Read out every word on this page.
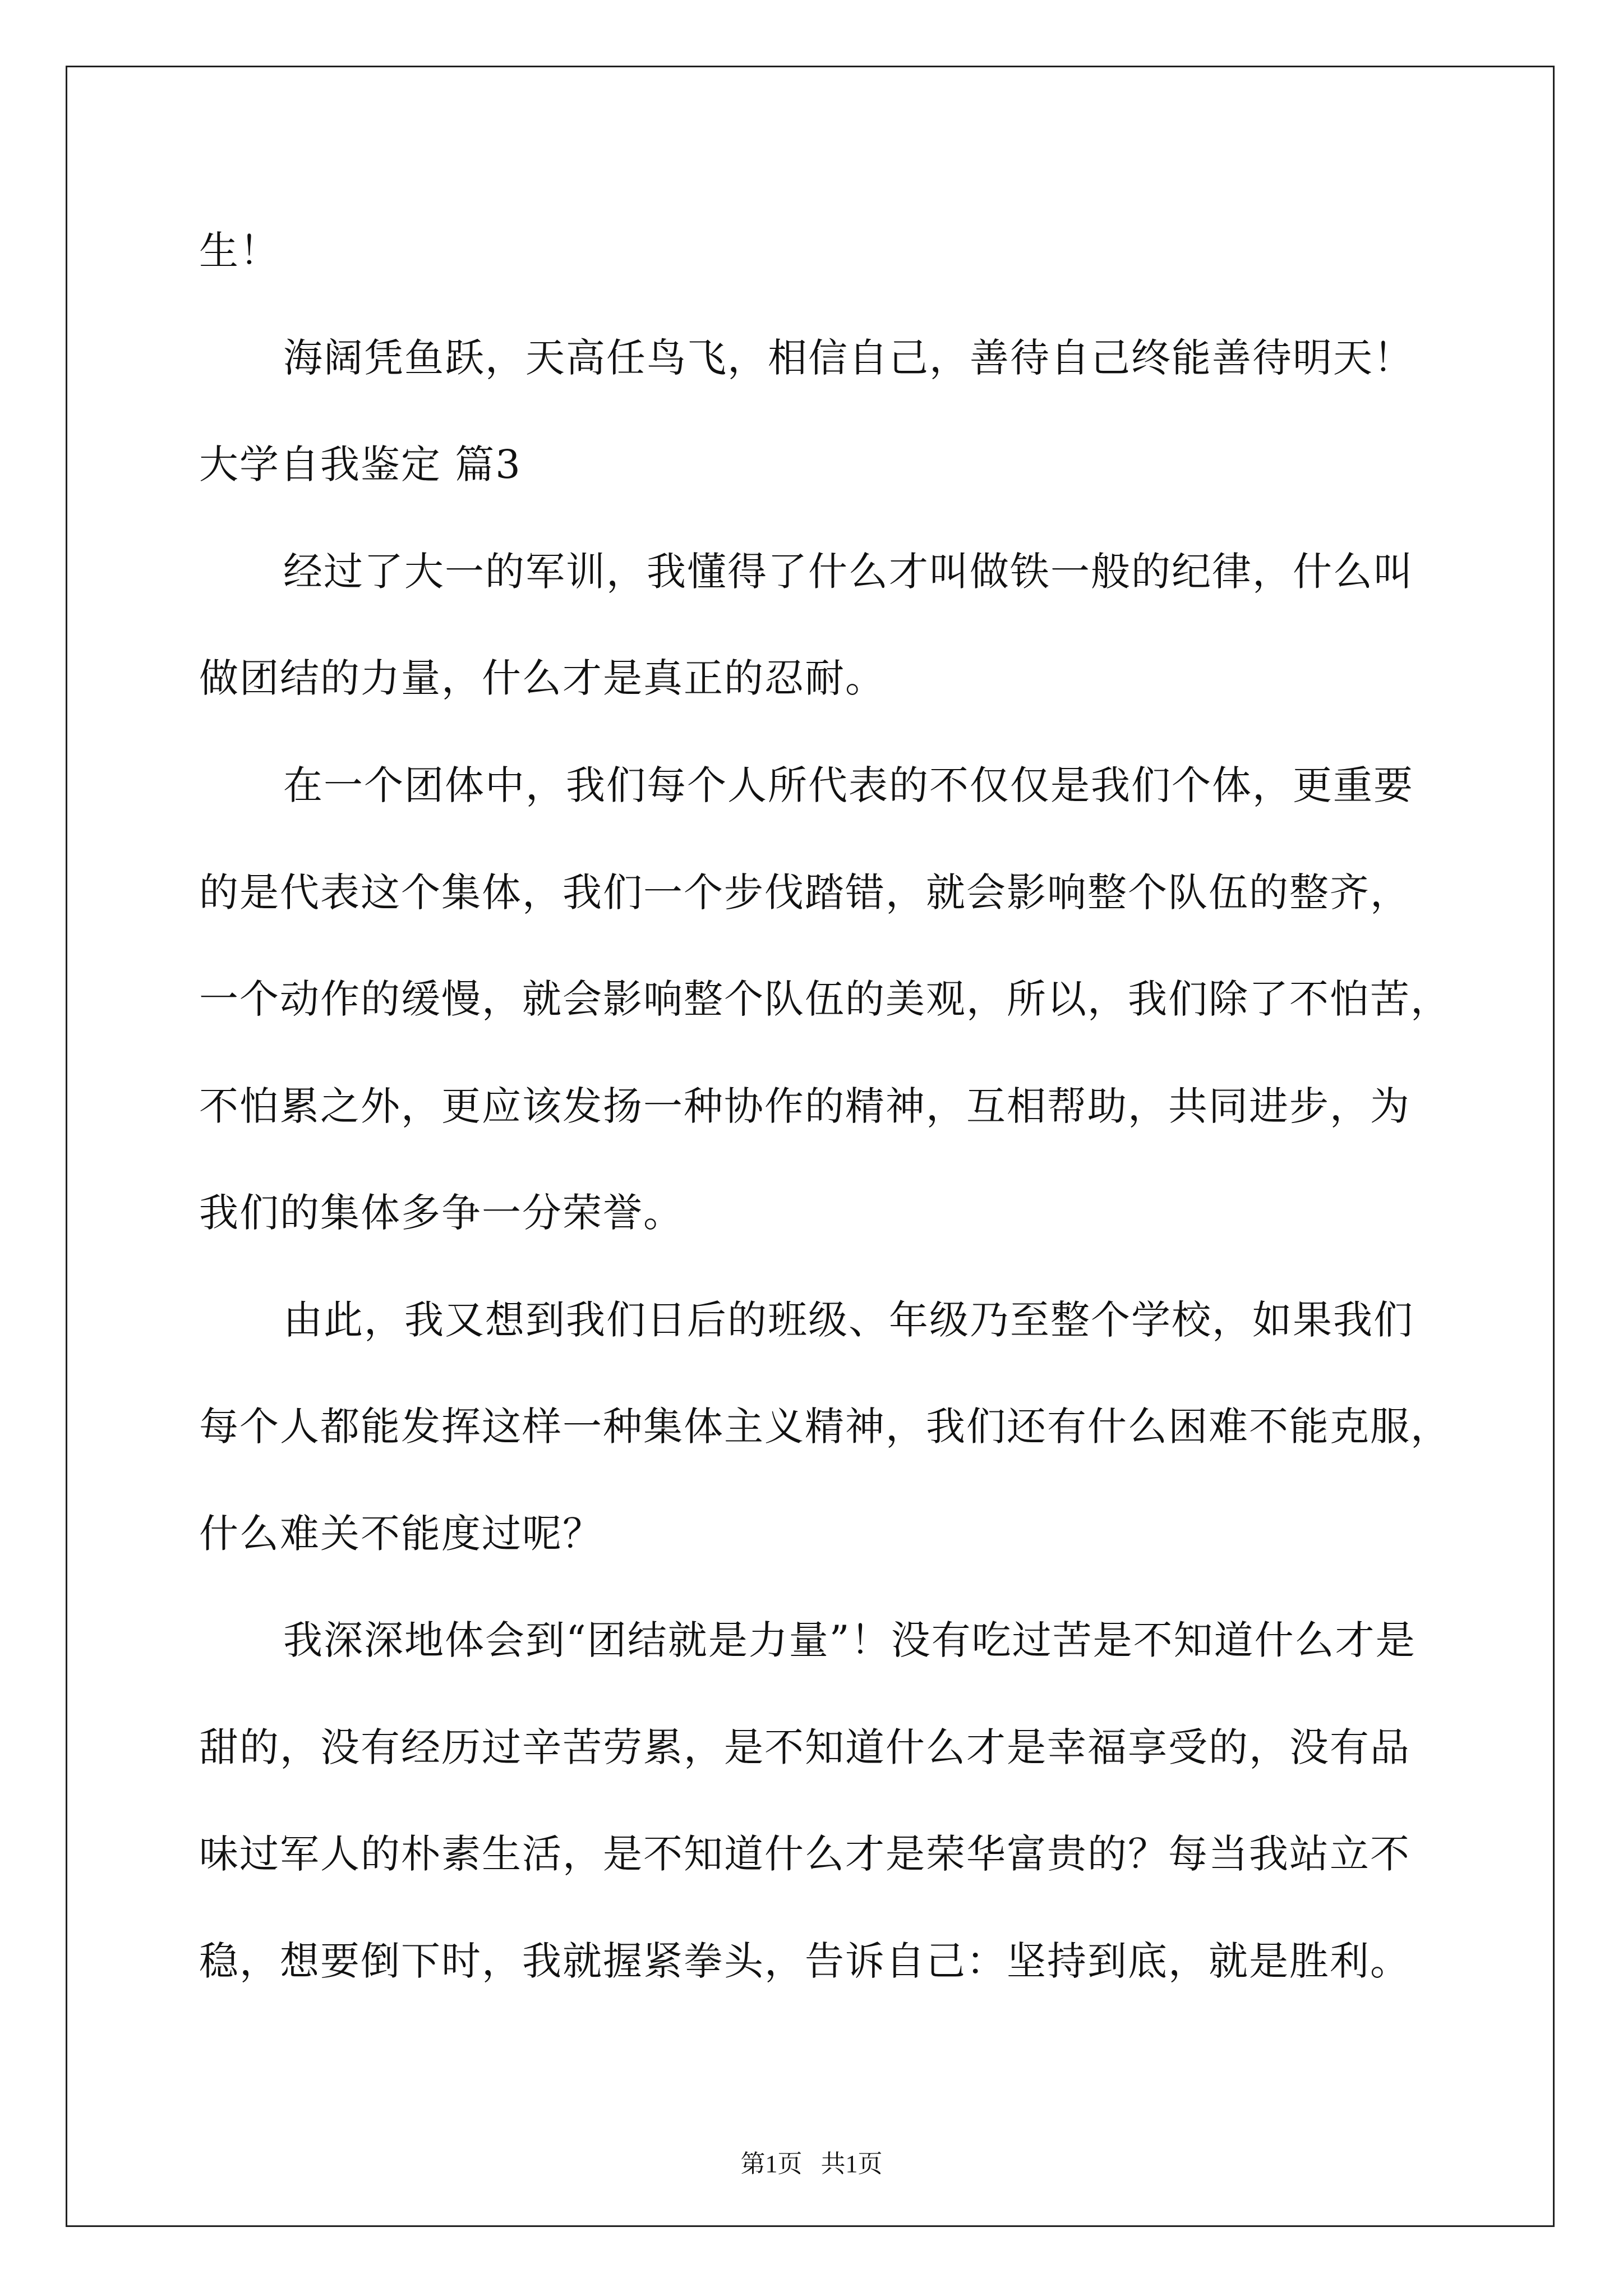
生！
海阔凭鱼跃，天高任鸟飞，相信自己，善待自己终能善待明天！
大学自我鉴定 篇3
经过了大一的军训，我懂得了什么才叫做铁一般的纪律，什么叫
做团结的力量，什么才是真正的忍耐。
在一个团体中，我们每个人所代表的不仅仅是我们个体，更重要
的是代表这个集体，我们一个步伐踏错，就会影响整个队伍的整齐，
一个动作的缓慢，就会影响整个队伍的美观，所以，我们除了不怕苦，
不怕累之外，更应该发扬一种协作的精神，互相帮助，共同进步，为
我们的集体多争一分荣誉。
由此，我又想到我们日后的班级、年级乃至整个学校，如果我们
每个人都能发挥这样一种集体主义精神，我们还有什么困难不能克服，
什么难关不能度过呢？
我深深地体会到“团结就是力量”！没有吃过苦是不知道什么才是
甜的，没有经历过辛苦劳累，是不知道什么才是幸福享受的，没有品
味过军人的朴素生活，是不知道什么才是荣华富贵的？每当我站立不
稳，想要倒下时，我就握紧拳头，告诉自己：坚持到底，就是胜利。
第1页   共1页
